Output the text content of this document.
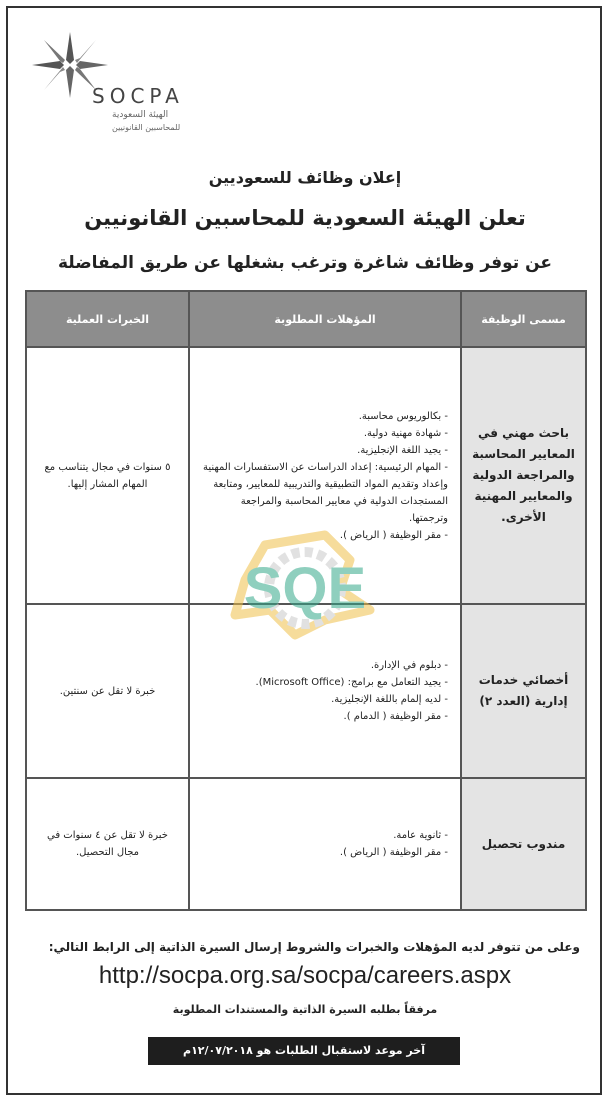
SOCPA
الهيئة السعودية
للمحاسبين القانونيين
إعلان وظائف للسعوديين
تعلن الهيئة السعودية للمحاسبين القانونيين
عن توفر وظائف شاغرة وترغب بشغلها عن طريق المفاضلة
مسمى الوظيفة	المؤهلات المطلوبة	الخبرات العملية
باحث مهني في المعايير المحاسبة والمراجعة الدولية والمعايير المهنية الأخرى.	- بكالوريوس محاسبة.
- شهادة مهنية دولية.
- يجيد اللغة الإنجليزية.
- المهام الرئيسية: إعداد الدراسات عن الاستفسارات المهنية وإعداد وتقديم المواد التطبيقية والتدريبية للمعايير، ومتابعة المستجدات الدولية في معايير المحاسبة والمراجعة وترجمتها.
- مقر الوظيفة ( الرياض ).	٥ سنوات في مجال يتناسب مع المهام المشار إليها.
أخصائي خدمات إدارية (العدد ٢)	- دبلوم في الإدارة.
- يجيد التعامل مع برامج: (Microsoft Office).
- لديه إلمام باللغة الإنجليزية.
- مقر الوظيفة ( الدمام ).	خبرة لا تقل عن سنتين.
مندوب تحصيل	- ثانوية عامة.
- مقر الوظيفة ( الرياض ).	خبرة لا تقل عن ٤ سنوات في مجال التحصيل.
SQE
وعلى من تتوفر لديه المؤهلات والخبرات والشروط إرسال السيرة الذاتية إلى الرابط التالي:
http://socpa.org.sa/socpa/careers.aspx
مرفقاً بطلبه السيرة الذاتية والمستندات المطلوبة
آخر موعد لاستقبال الطلبات هو ١٢/٠٧/٢٠١٨م
